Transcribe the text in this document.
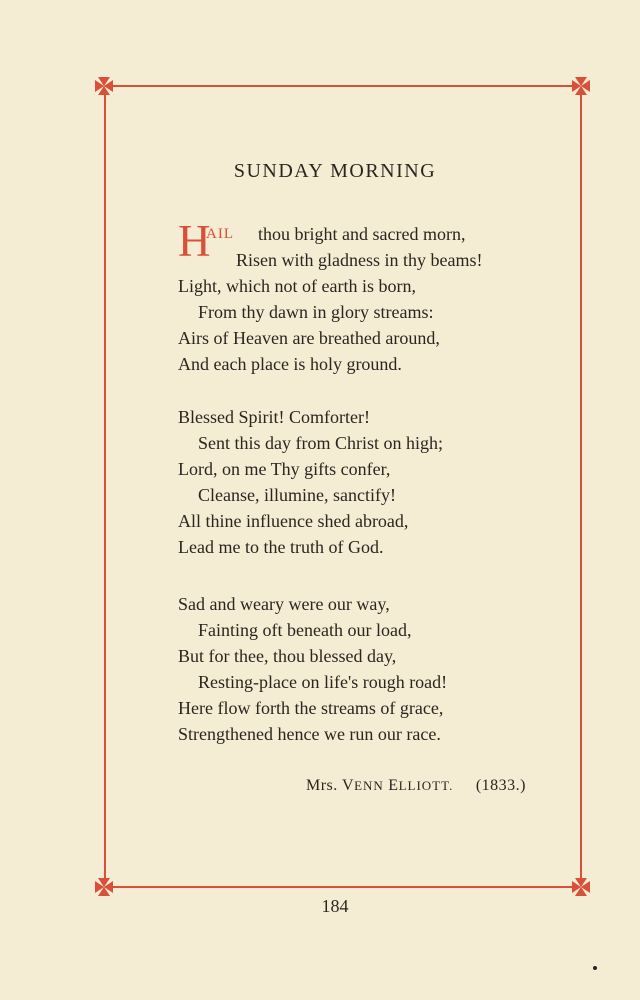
SUNDAY MORNING
H
AIL thou bright and sacred morn,
Risen with gladness in thy beams!
Light, which not of earth is born,
From thy dawn in glory streams:
Airs of Heaven are breathed around,
And each place is holy ground.
Blessed Spirit! Comforter!
Sent this day from Christ on high;
Lord, on me Thy gifts confer,
Cleanse, illumine, sanctify!
All thine influence shed abroad,
Lead me to the truth of God.
Sad and weary were our way,
Fainting oft beneath our load,
But for thee, thou blessed day,
Resting-place on life's rough road!
Here flow forth the streams of grace,
Strengthened hence we run our race.
Mrs. VENN ELLIOTT. (1833.)
184
